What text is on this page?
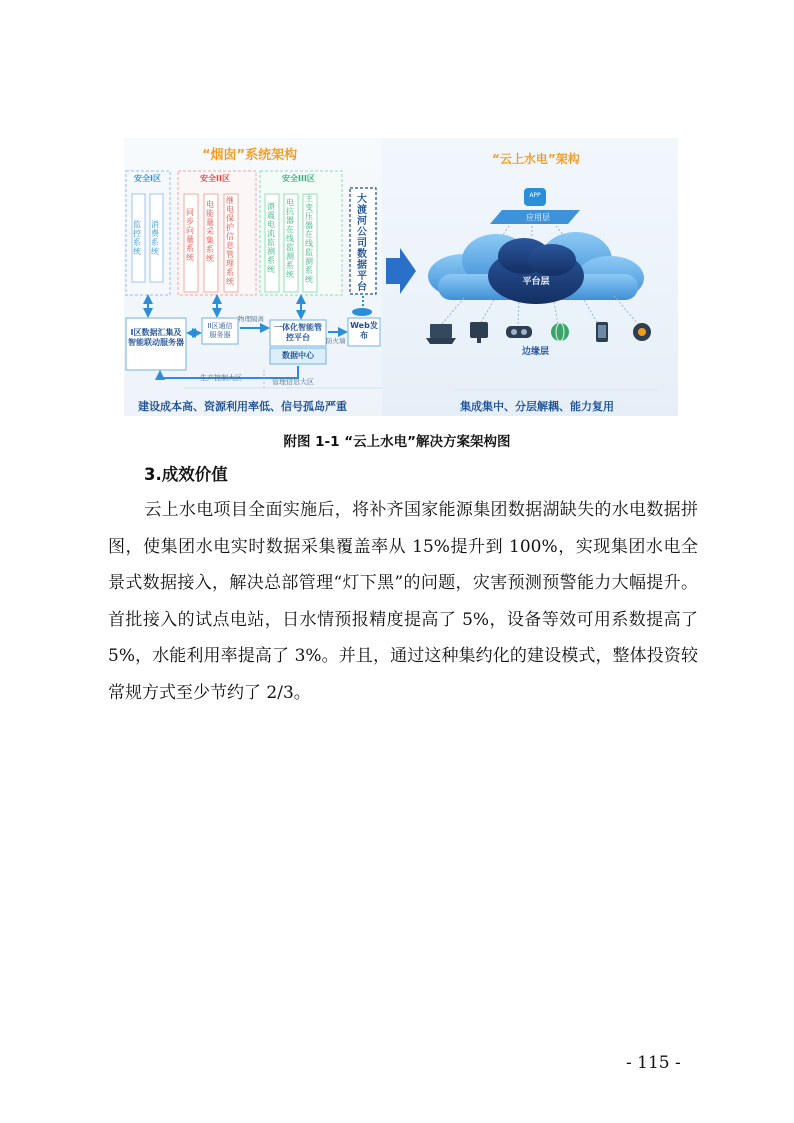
“烟囱”系统架构	“云上水电”架构
安全I区	安全II区	安全III区
监控系统
消费系统
同步向量系统
电能量采集系统
继电保护信息管理系统
溃震电流监测系统
电抗器在线监测系统
主变压器在线监测系统
大渡河公司数据平台
I区数据汇集及智能联动服务器
II区通信服务器
一体化智能管控平台
数据中心
Web发布
物理隔离
防火墙
生产控制大区	管理信息大区
建设成本高、资源利用率低、信号孤岛严重
APP
应用层
平台层
边缘层
集成集中、分层解耦、能力复用
附图 1-1 “云上水电”解决方案架构图
3.成效价值
云上水电项目全面实施后，将补齐国家能源集团数据湖缺失的水电数据拼图，使集团水电实时数据采集覆盖率从 15%提升到 100%，实现集团水电全景式数据接入，解决总部管理“灯下黑”的问题，灾害预测预警能力大幅提升。首批接入的试点电站，日水情预报精度提高了 5%，设备等效可用系数提高了 5%，水能利用率提高了 3%。并且，通过这种集约化的建设模式，整体投资较常规方式至少节约了 2/3。
- 115 -
